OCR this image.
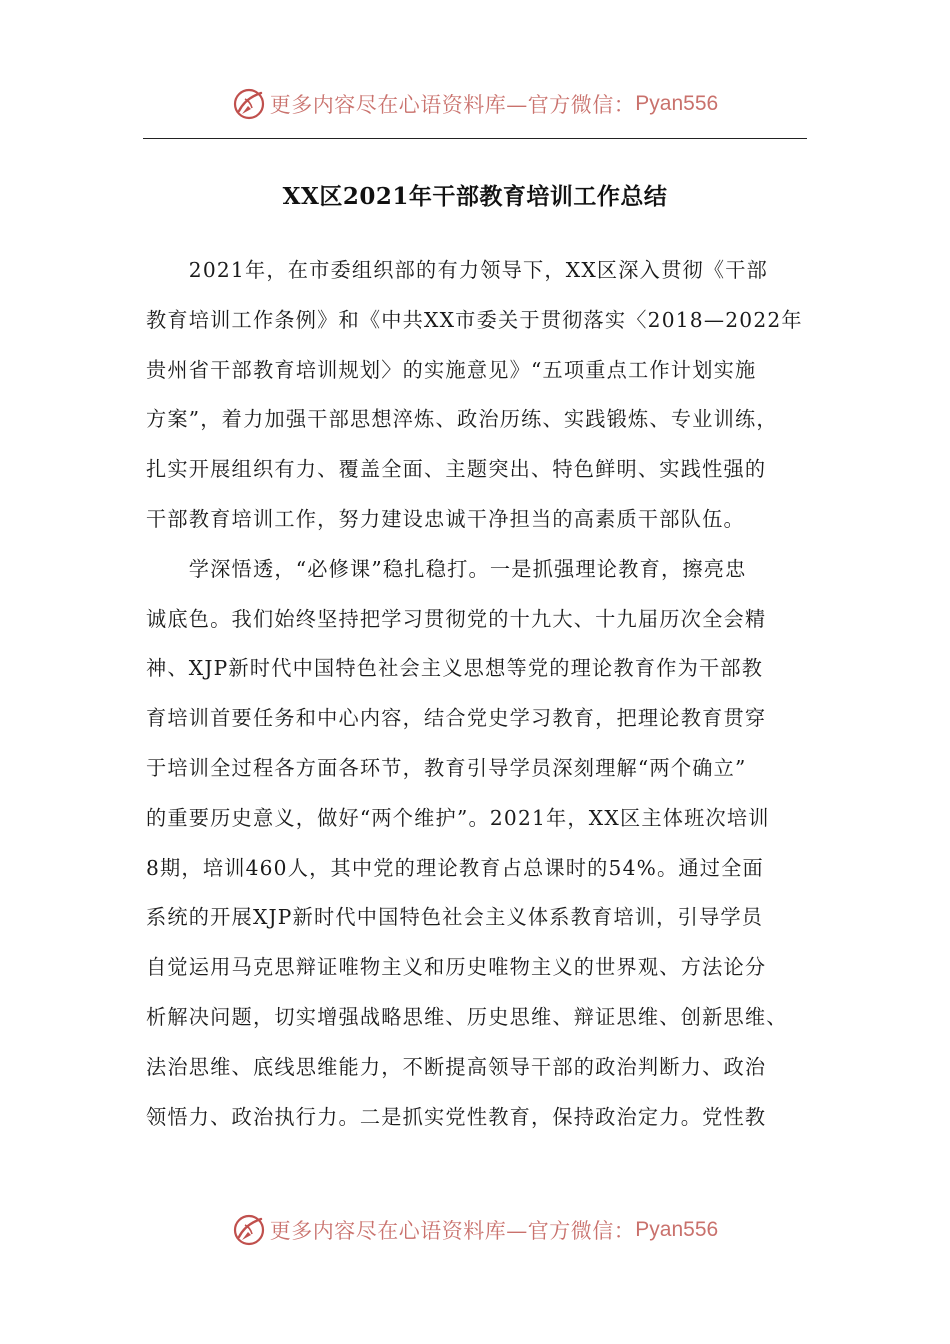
更多内容尽在心语资料库—官方微信： Pyan556
XX区2021年干部教育培训工作总结
　　2021年，在市委组织部的有力领导下，XX区深入贯彻《干部
教育培训工作条例》和《中共XX市委关于贯彻落实〈2018—2022年
贵州省干部教育培训规划〉的实施意见》“五项重点工作计划实施
方案”，着力加强干部思想淬炼、政治历练、实践锻炼、专业训练，
扎实开展组织有力、覆盖全面、主题突出、特色鲜明、实践性强的
干部教育培训工作，努力建设忠诚干净担当的高素质干部队伍。
　　学深悟透，“必修课”稳扎稳打。一是抓强理论教育，擦亮忠
诚底色。我们始终坚持把学习贯彻党的十九大、十九届历次全会精
神、XJP新时代中国特色社会主义思想等党的理论教育作为干部教
育培训首要任务和中心内容，结合党史学习教育，把理论教育贯穿
于培训全过程各方面各环节，教育引导学员深刻理解“两个确立”
的重要历史意义，做好“两个维护”。2021年，XX区主体班次培训
8期，培训460人，其中党的理论教育占总课时的54%。通过全面
系统的开展XJP新时代中国特色社会主义体系教育培训，引导学员
自觉运用马克思辩证唯物主义和历史唯物主义的世界观、方法论分
析解决问题，切实增强战略思维、历史思维、辩证思维、创新思维、
法治思维、底线思维能力，不断提高领导干部的政治判断力、政治
领悟力、政治执行力。二是抓实党性教育，保持政治定力。党性教
更多内容尽在心语资料库—官方微信： Pyan556
